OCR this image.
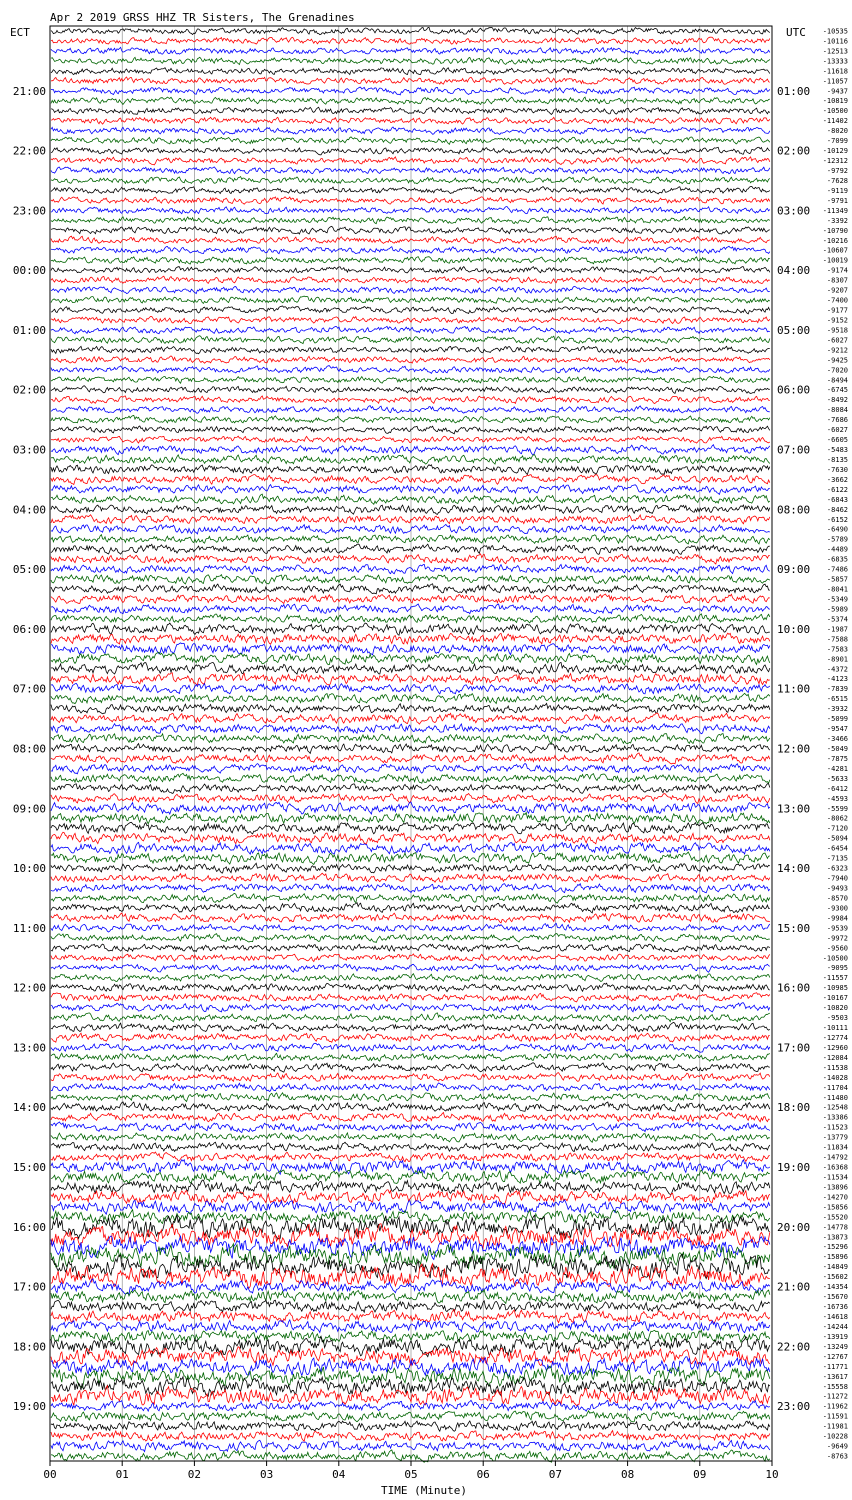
Apr 2 2019 GRSS HHZ TR Sisters, The Grenadines
ECT	UTC
21:00
22:00
23:00
00:00
01:00
02:00
03:00
04:00
05:00
06:00
07:00
08:00
09:00
10:00
11:00
12:00
13:00
14:00
15:00
16:00
17:00
18:00
19:00
01:00
02:00
03:00
04:00
05:00
06:00
07:00
08:00
09:00
10:00
11:00
12:00
13:00
14:00
15:00
16:00
17:00
18:00
19:00
20:00
21:00
22:00
23:00
-10535
-10116
-12513
-13333
-11618
-11057
-9437
-10819
-10500
-11402
-8020
-7099
-10129
-12312
-9792
-7628
-9119
-9791
-11349
-3392
-10790
-10216
-10607
-10019
-9174
-8307
-9207
-7400
-9177
-9152
-9518
-6027
-9212
-9425
-7020
-8494
-6745
-8492
-8084
-7686
-6027
-6605
-5483
-8135
-7630
-3662
-6122
-6843
-8462
-6152
-6490
-5789
-4489
-6835
-7486
-5857
-8041
-5349
-5989
-5374
-1987
-7588
-7583
-8901
-4372
-4123
-7839
-6515
-3932
-5099
-9547
-3466
-5049
-7875
-4281
-5633
-6412
-4593
-5599
-8062
-7120
-5094
-6454
-7135
-6323
-7940
-9493
-8570
-9300
-9984
-9539
-9972
-9560
-10500
-9095
-11557
-10985
-10167
-10820
-9503
-10111
-12774
-12960
-12084
-11538
-14028
-11704
-11480
-12548
-13386
-11523
-13779
-11834
-14792
-16368
-11534
-13896
-14270
-15856
-15520
-14778
-13873
-15296
-15896
-14849
-15602
-14354
-15670
-16736
-14618
-14244
-13919
-13249
-12767
-11771
-13617
-15558
-11272
-11962
-11591
-11981
-10228
-9649
-8763
00	01	02	03	04	05	06	07	08	09	10
TIME (Minute)
